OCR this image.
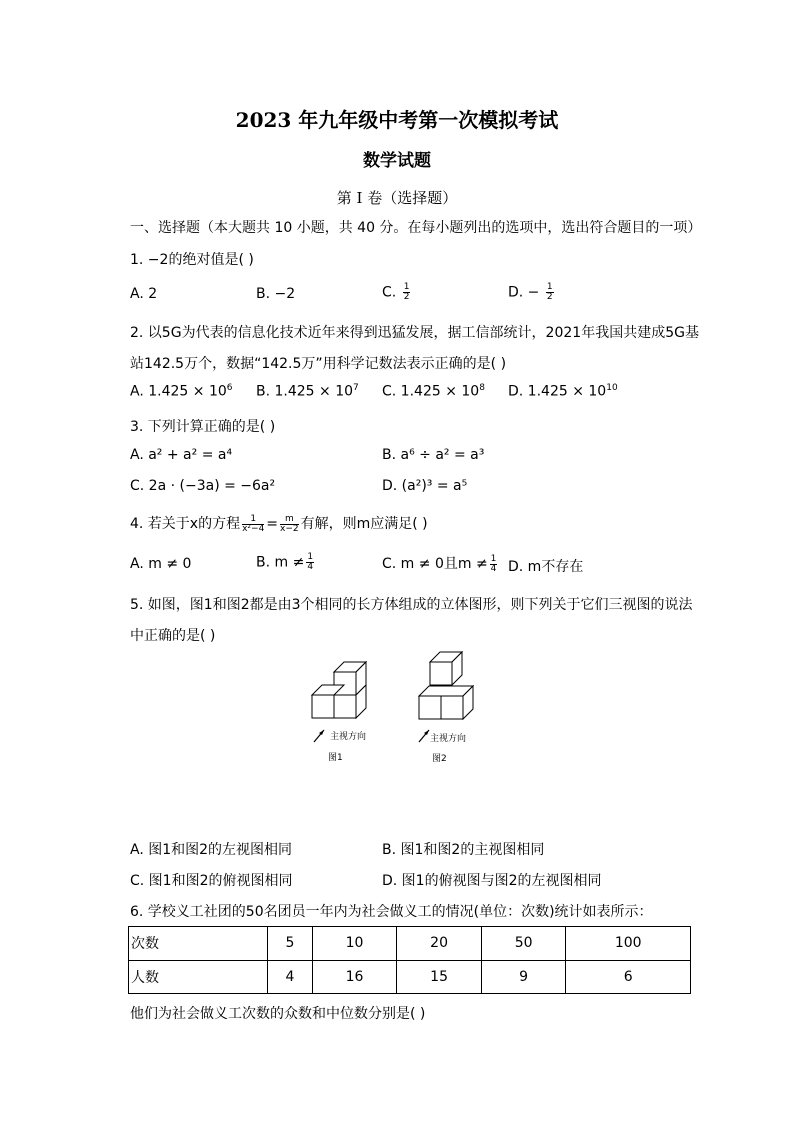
2023 年九年级中考第一次模拟考试
数学试题
第 I 卷（选择题）
一、选择题（本大题共 10 小题，共 40 分。在每小题列出的选项中，选出符合题目的一项）
1. −2的绝对值是( )
A. 2	B. −2	C. $\frac{1}{2}$	D. − $\frac{1}{2}$
2. 以5G为代表的信息化技术近年来得到迅猛发展，据工信部统计，2021年我国共建成5G基
站142.5万个，数据“142.5万”用科学记数法表示正确的是( )
A. $1.425 \times 10^6$ B. $1.425 \times 10^7$ C. $1.425 \times 10^8$ D. $1.425 \times 10^{10}$
3. 下列计算正确的是( )
A. a² + a² = a⁴	B. a⁶ ÷ a² = a³
C. 2a · (−3a) = −6a²	D. (a²)³ = a⁵
4. 若关于x的方程 $\frac{1}{\text{x²−4}} = \frac{m}{x-2}$ 有解，则m应满足( )
A. m ≠ 0	B. $m \ne \frac{1}{4}$	C. m ≠ 0且$m \ne \frac{1}{4} D$. m不存在
5. 如图，图1和图2都是由3个相同的长方体组成的立体图形，则下列关于它们三视图的说法
中正确的是( )
主视方向
图1
主视方向
图2
A. 图1和图2的左视图相同	B. 图1和图2的主视图相同
C. 图1和图2的俯视图相同	D. 图1的俯视图与图2的左视图相同
6. 学校义工社团的50名团员一年内为社会做义工的情况(单位：次数)统计如表所示：
次数	5	10	20	50	100
人数	4	16	15	9	6
他们为社会做义工次数的众数和中位数分别是( )
